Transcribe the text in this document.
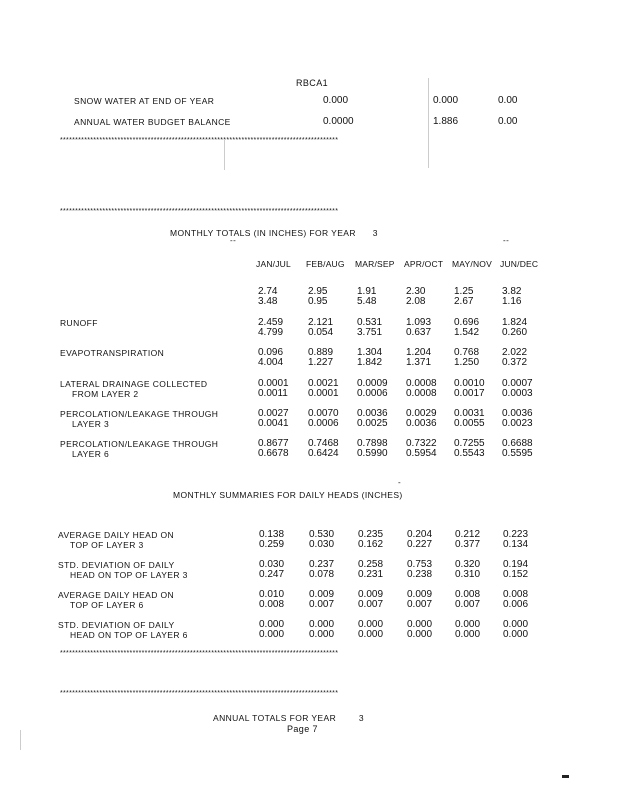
RBCA1
SNOW WATER AT END OF YEAR	0.000	0.000	0.00
ANNUAL WATER BUDGET BALANCE	0.0000	1.886	0.00
********************************************************************************************
********************************************************************************************
MONTHLY TOTALS (IN INCHES) FOR YEAR 3
--	--
JAN/JUL FEB/AUG MAR/SEP APR/OCT MAY/NOV JUN/DEC
2.74	2.95	1.91	2.30	1.25	3.82
3.48	0.95	5.48	2.08	2.67	1.16
RUNOFF	2.459 2.121 0.531 1.093 0.696 1.824
4.799 0.054 3.751 0.637 1.542 0.260
EVAPOTRANSPIRATION	0.096 0.889 1.304 1.204 0.768 2.022
4.004 1.227 1.842 1.371 1.250 0.372
LATERAL DRAINAGE COLLECTED
FROM LAYER 2
0.0001 0.0021 0.0009 0.0008 0.0010 0.0007
0.0011 0.0001 0.0006 0.0008 0.0017 0.0003
PERCOLATION/LEAKAGE THROUGH
LAYER 3
0.0027 0.0070 0.0036 0.0029 0.0031 0.0036
0.0041 0.0006 0.0025 0.0036 0.0055 0.0023
PERCOLATION/LEAKAGE THROUGH
LAYER 6
0.8677 0.7468 0.7898 0.7322 0.7255 0.6688
0.6678 0.6424 0.5990 0.5954 0.5543 0.5595
MONTHLY SUMMARIES FOR DAILY HEADS (INCHES)
-
AVERAGE DAILY HEAD ON
TOP OF LAYER 3
0.138 0.530 0.235 0.204 0.212 0.223
0.259 0.030 0.162 0.227 0.377 0.134
STD. DEVIATION OF DAILY
HEAD ON TOP OF LAYER 3
0.030 0.237 0.258 0.753 0.320 0.194
0.247 0.078 0.231 0.238 0.310 0.152
AVERAGE DAILY HEAD ON
TOP OF LAYER 6
0.010 0.009 0.009 0.009 0.008 0.008
0.008 0.007 0.007 0.007 0.007 0.006
STD. DEVIATION OF DAILY
HEAD ON TOP OF LAYER 6
0.000 0.000 0.000 0.000 0.000 0.000
0.000 0.000 0.000 0.000 0.000 0.000
********************************************************************************************
********************************************************************************************
ANNUAL TOTALS FOR YEAR	3
Page 7
